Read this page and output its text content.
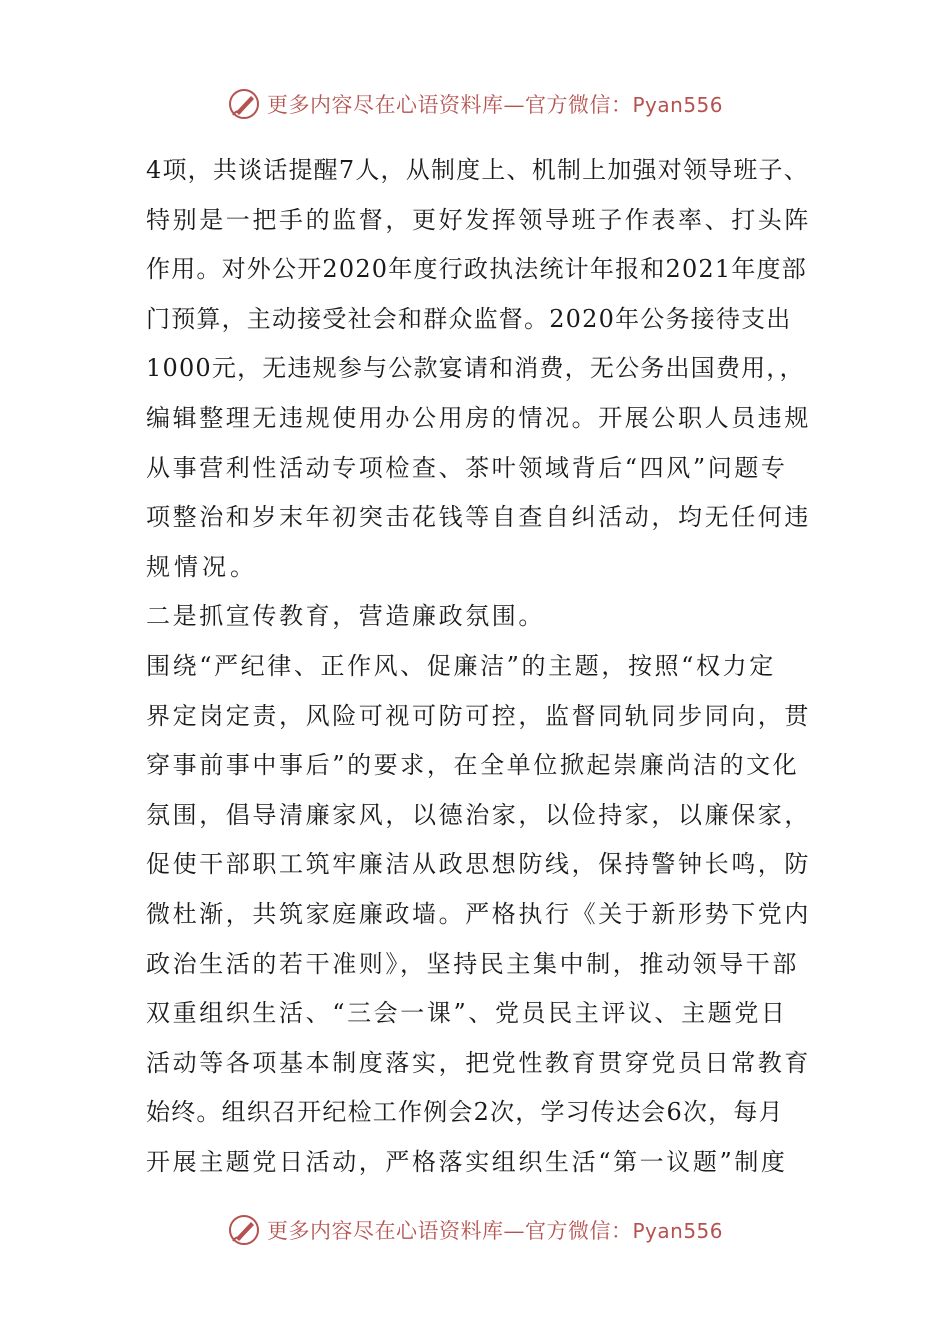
更多内容尽在心语资料库—官方微信：Pyan556
4项，共谈话提醒7人，从制度上、机制上加强对领导班子、
特别是一把手的监督，更好发挥领导班子作表率、打头阵
作用。对外公开2020年度行政执法统计年报和2021年度部
门预算，主动接受社会和群众监督。2020年公务接待支出
1000元，无违规参与公款宴请和消费，无公务出国费用，，
编辑整理无违规使用办公用房的情况。开展公职人员违规
从事营利性活动专项检查、茶叶领域背后“四风”问题专
项整治和岁末年初突击花钱等自查自纠活动，均无任何违
规情况。
二是抓宣传教育，营造廉政氛围。
围绕“严纪律、正作风、促廉洁”的主题，按照“权力定
界定岗定责，风险可视可防可控，监督同轨同步同向，贯
穿事前事中事后”的要求，在全单位掀起崇廉尚洁的文化
氛围，倡导清廉家风，以德治家，以俭持家，以廉保家，
促使干部职工筑牢廉洁从政思想防线，保持警钟长鸣，防
微杜渐，共筑家庭廉政墙。严格执行《关于新形势下党内
政治生活的若干准则》，坚持民主集中制，推动领导干部
双重组织生活、“三会一课”、党员民主评议、主题党日
活动等各项基本制度落实，把党性教育贯穿党员日常教育
始终。组织召开纪检工作例会2次，学习传达会6次，每月
开展主题党日活动，严格落实组织生活“第一议题”制度
更多内容尽在心语资料库—官方微信：Pyan556
